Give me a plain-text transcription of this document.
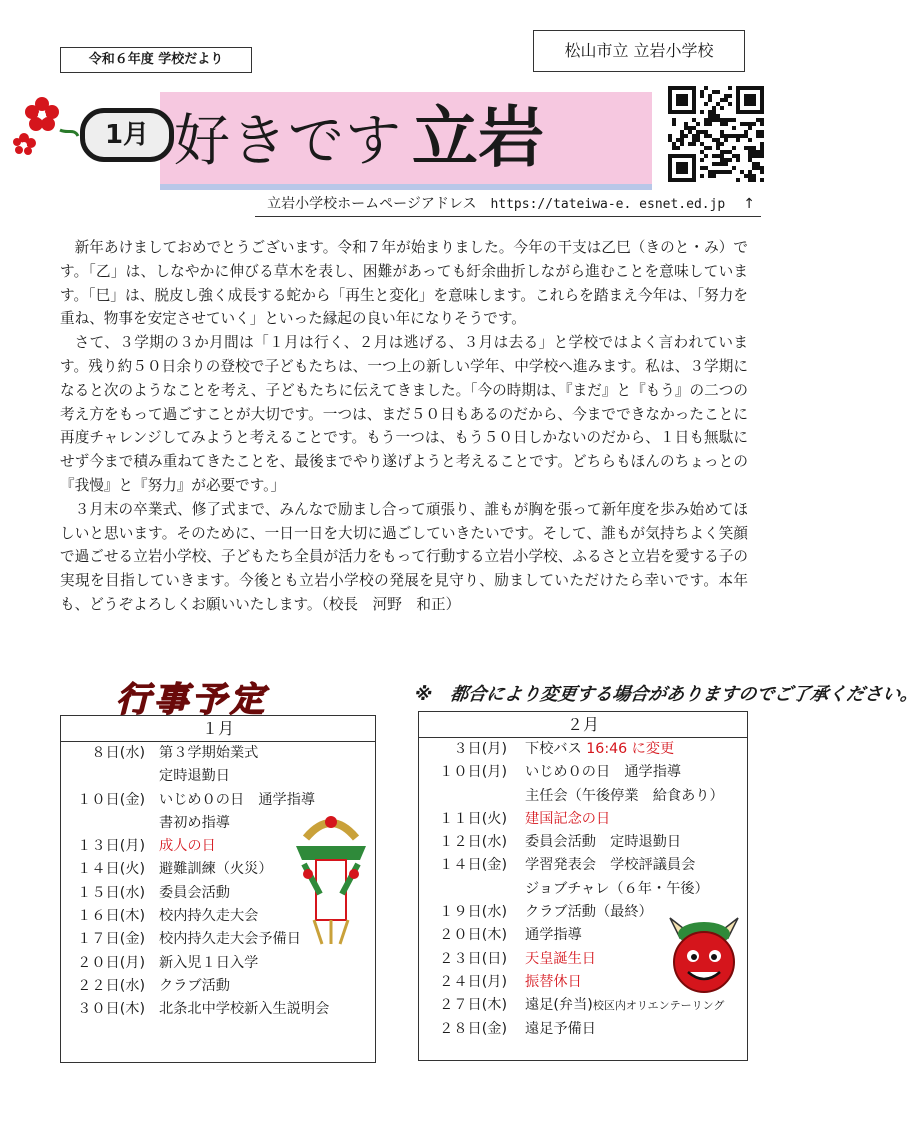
令和６年度 学校だより	松山市立 立岩小学校
1月 好きです 立岩
立岩小学校ホームページアドレス https://tateiwa-e. esnet.ed.jp ↑

新年あけましておめでとうございます。令和７年が始まりました。今年の干支は乙巳（きのと・み）です。「乙」は、しなやかに伸びる草木を表し、困難があっても紆余曲折しながら進むことを意味しています。「巳」は、脱皮し強く成長する蛇から「再生と変化」を意味します。これらを踏まえ今年は、「努力を重ね、物事を安定させていく」といった縁起の良い年になりそうです。

さて、３学期の３か月間は「１月は行く、２月は逃げる、３月は去る」と学校ではよく言われています。残り約５０日余りの登校で子どもたちは、一つ上の新しい学年、中学校へ進みます。私は、３学期になると次のようなことを考え、子どもたちに伝えてきました。「今の時期は、『まだ』と『もう』の二つの考え方をもって過ごすことが大切です。一つは、まだ５０日もあるのだから、今までできなかったことに再度チャレンジしてみようと考えることです。もう一つは、もう５０日しかないのだから、１日も無駄にせず今まで積み重ねてきたことを、最後までやり遂げようと考えることです。どちらもほんのちょっとの『我慢』と『努力』が必要です。」

３月末の卒業式、修了式まで、みんなで励まし合って頑張り、誰もが胸を張って新年度を歩み始めてほしいと思います。そのために、一日一日を大切に過ごしていきたいです。そして、誰もが気持ちよく笑顔で過ごせる立岩小学校、子どもたち全員が活力をもって行動する立岩小学校、ふるさと立岩を愛する子の実現を目指していきます。今後とも立岩小学校の発展を見守り、励ましていただけたら幸いです。本年も、どうぞよろしくお願いいたします。（校長　河野　和正）

行事予定	※　都合により変更する場合がありますのでご了承ください。
１月
８日(水) 第３学期始業式
定時退勤日
１０日(金) いじめ０の日　通学指導
書初め指導
１３日(月) 成人の日
１４日(火) 避難訓練（火災）
１５日(水) 委員会活動
１６日(木) 校内持久走大会
１７日(金) 校内持久走大会予備日
２０日(月) 新入児１日入学
２２日(水) クラブ活動
３０日(木) 北条北中学校新入生説明会
２月
３日(月) 下校バス 16:46 に変更
１０日(月) いじめ０の日　通学指導
主任会（午後停業　給食あり）
１１日(火) 建国記念の日
１２日(水) 委員会活動　定時退勤日
１４日(金) 学習発表会　学校評議員会
ジョブチャレ（６年・午後）
１９日(水) クラブ活動（最終）
２０日(木) 通学指導
２３日(日) 天皇誕生日
２４日(月) 振替休日
２７日(木) 遠足(弁当)校区内オリエンテーリング
２８日(金) 遠足予備日
